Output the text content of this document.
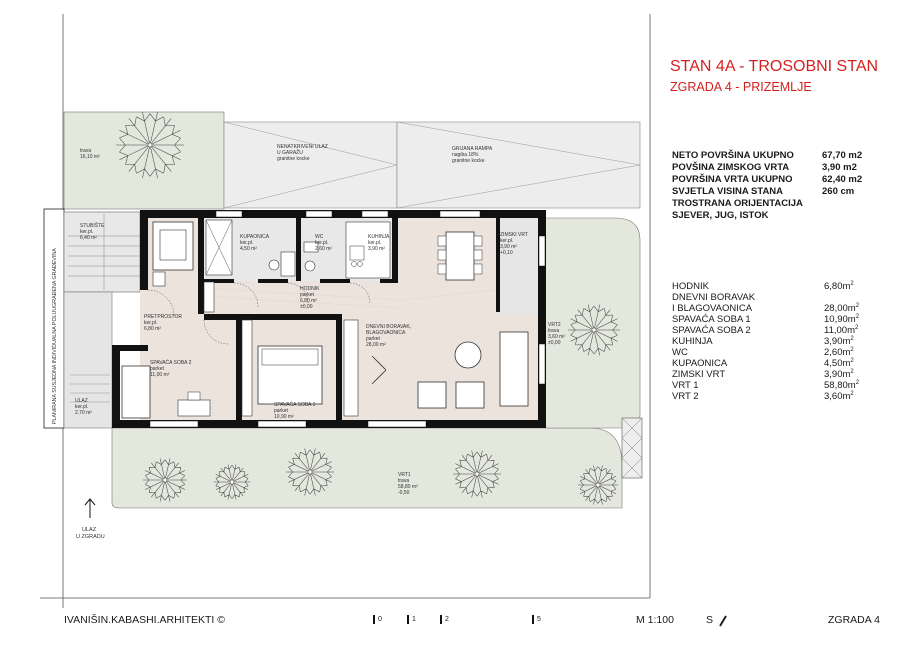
PLANIRANA SUSJEDNA INDIVIDUALNA POLUUGRAĐENA GRAĐEVINA
trava 16,10 m²
NENATKRIVENI ULAZ U GARAŽU granitne kocke
GRIJANA RAMPA nagiba 18% granitne kocke
STUBIŠTE ker.pl. 6,40 m²	KUPAONICA ker.pl. 4,50 m²
WC ker.pl. 2,60 m²
KUHINJA ker.pl. 3,90 m²
ZIMSKI VRT ker.pl. 3,90 m² +0,10
HODNIK parket 6,80 m² ±0,00
PRETPROSTOR ker.pl. 6,80 m²	DNEVNI BORAVAK, BLAGOVAONICA parket 28,00 m²
VRT2 trava 3,60 m² ±0,00
SPAVAĆA SOBA 2 parket 11,00 m²
SPAVAĆA SOBA 1 parket 10,90 m²
ULAZ ker.pl. 2,70 m²
VRT1 trava 58,80 m² -0,50
ULAZ U ZGRADU
STAN 4A - TROSOBNI STAN
ZGRADA 4 - PRIZEMLJE
NETO POVRŠINA UKUPNO	67,70 m2
POVŠINA ZIMSKOG VRTA	3,90 m2
POVRŠINA VRTA UKUPNO	62,40 m2
SVJETLA VISINA STANA	260 cm
TROSTRANA ORIJENTACIJA
SJEVER, JUG, ISTOK
HODNIK	$6,80m^2$
DNEVNI BORAVAK
I BLAGOVAONICA	$28,00m^2$
SPAVAĆA SOBA 1	$10,90m^2$
SPAVAĆA SOBA 2	$11,00m^2$
KUHINJA	$3,90m^2$
WC	$2,60m^2$
KUPAONICA	$4,50m^2$
ZIMSKI VRT	$3,90m^2$
VRT 1	$58,80m^2$
VRT 2	$3,60m^2$
IVANIŠIN.KABASHI.ARHITEKTI ©	0	1	2	5	M 1:100	S	ZGRADA 4
